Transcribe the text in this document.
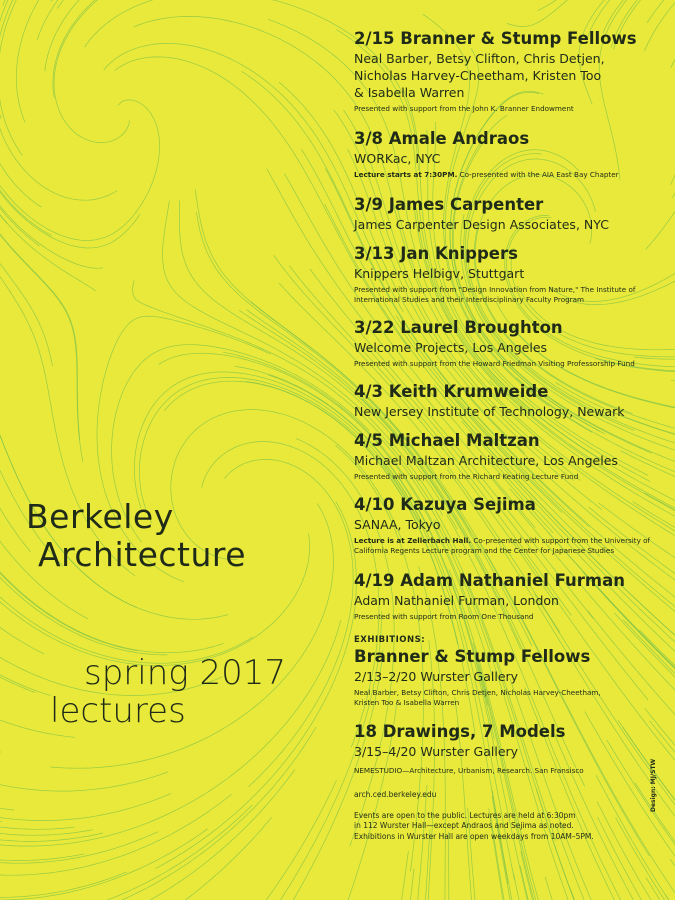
Berkeley
Architecture
spring 2017
lectures
2/15 Branner & Stump Fellows
Neal Barber, Betsy Clifton, Chris Detjen,
Nicholas Harvey-Cheetham, Kristen Too
& Isabella Warren
Presented with support from the John K. Branner Endowment
3/8 Amale Andraos
WORKac, NYC
Lecture starts at 7:30PM. Co-presented with the AIA East Bay Chapter
3/9 James Carpenter
James Carpenter Design Associates, NYC
3/13 Jan Knippers
Knippers Helbigv, Stuttgart
Presented with support from "Design Innovation from Nature," The Institute of International Studies and their Interdisciplinary Faculty Program
3/22 Laurel Broughton
Welcome Projects, Los Angeles
Presented with support from the Howard Friedman Visiting Professorship Fund
4/3 Keith Krumweide
New Jersey Institute of Technology, Newark
4/5 Michael Maltzan
Michael Maltzan Architecture, Los Angeles
Presented with support from the Richard Keating Lecture Fund
4/10 Kazuya Sejima
SANAA, Tokyo
Lecture is at Zellerbach Hall. Co-presented with support from the University of California Regents Lecture program and the Center for Japanese Studies
4/19 Adam Nathaniel Furman
Adam Nathaniel Furman, London
Presented with support from Room One Thousand
EXHIBITIONS:
Branner & Stump Fellows
2/13–2/20 Wurster Gallery
Neal Barber, Betsy Clifton, Chris Detjen, Nicholas Harvey-Cheetham, Kristen Too & Isabella Warren
18 Drawings, 7 Models
3/15–4/20 Wurster Gallery
NEMESTUDIO—Architecture, Urbanism, Research. San Fransisco
arch.ced.berkeley.edu
Events are open to the public. Lectures are held at 6:30pm
in 112 Wurster Hall—except Andraos and Sejima as noted.
Exhibitions in Wurster Hall are open weekdays from 10AM–5PM.
Design: MJ/STW
